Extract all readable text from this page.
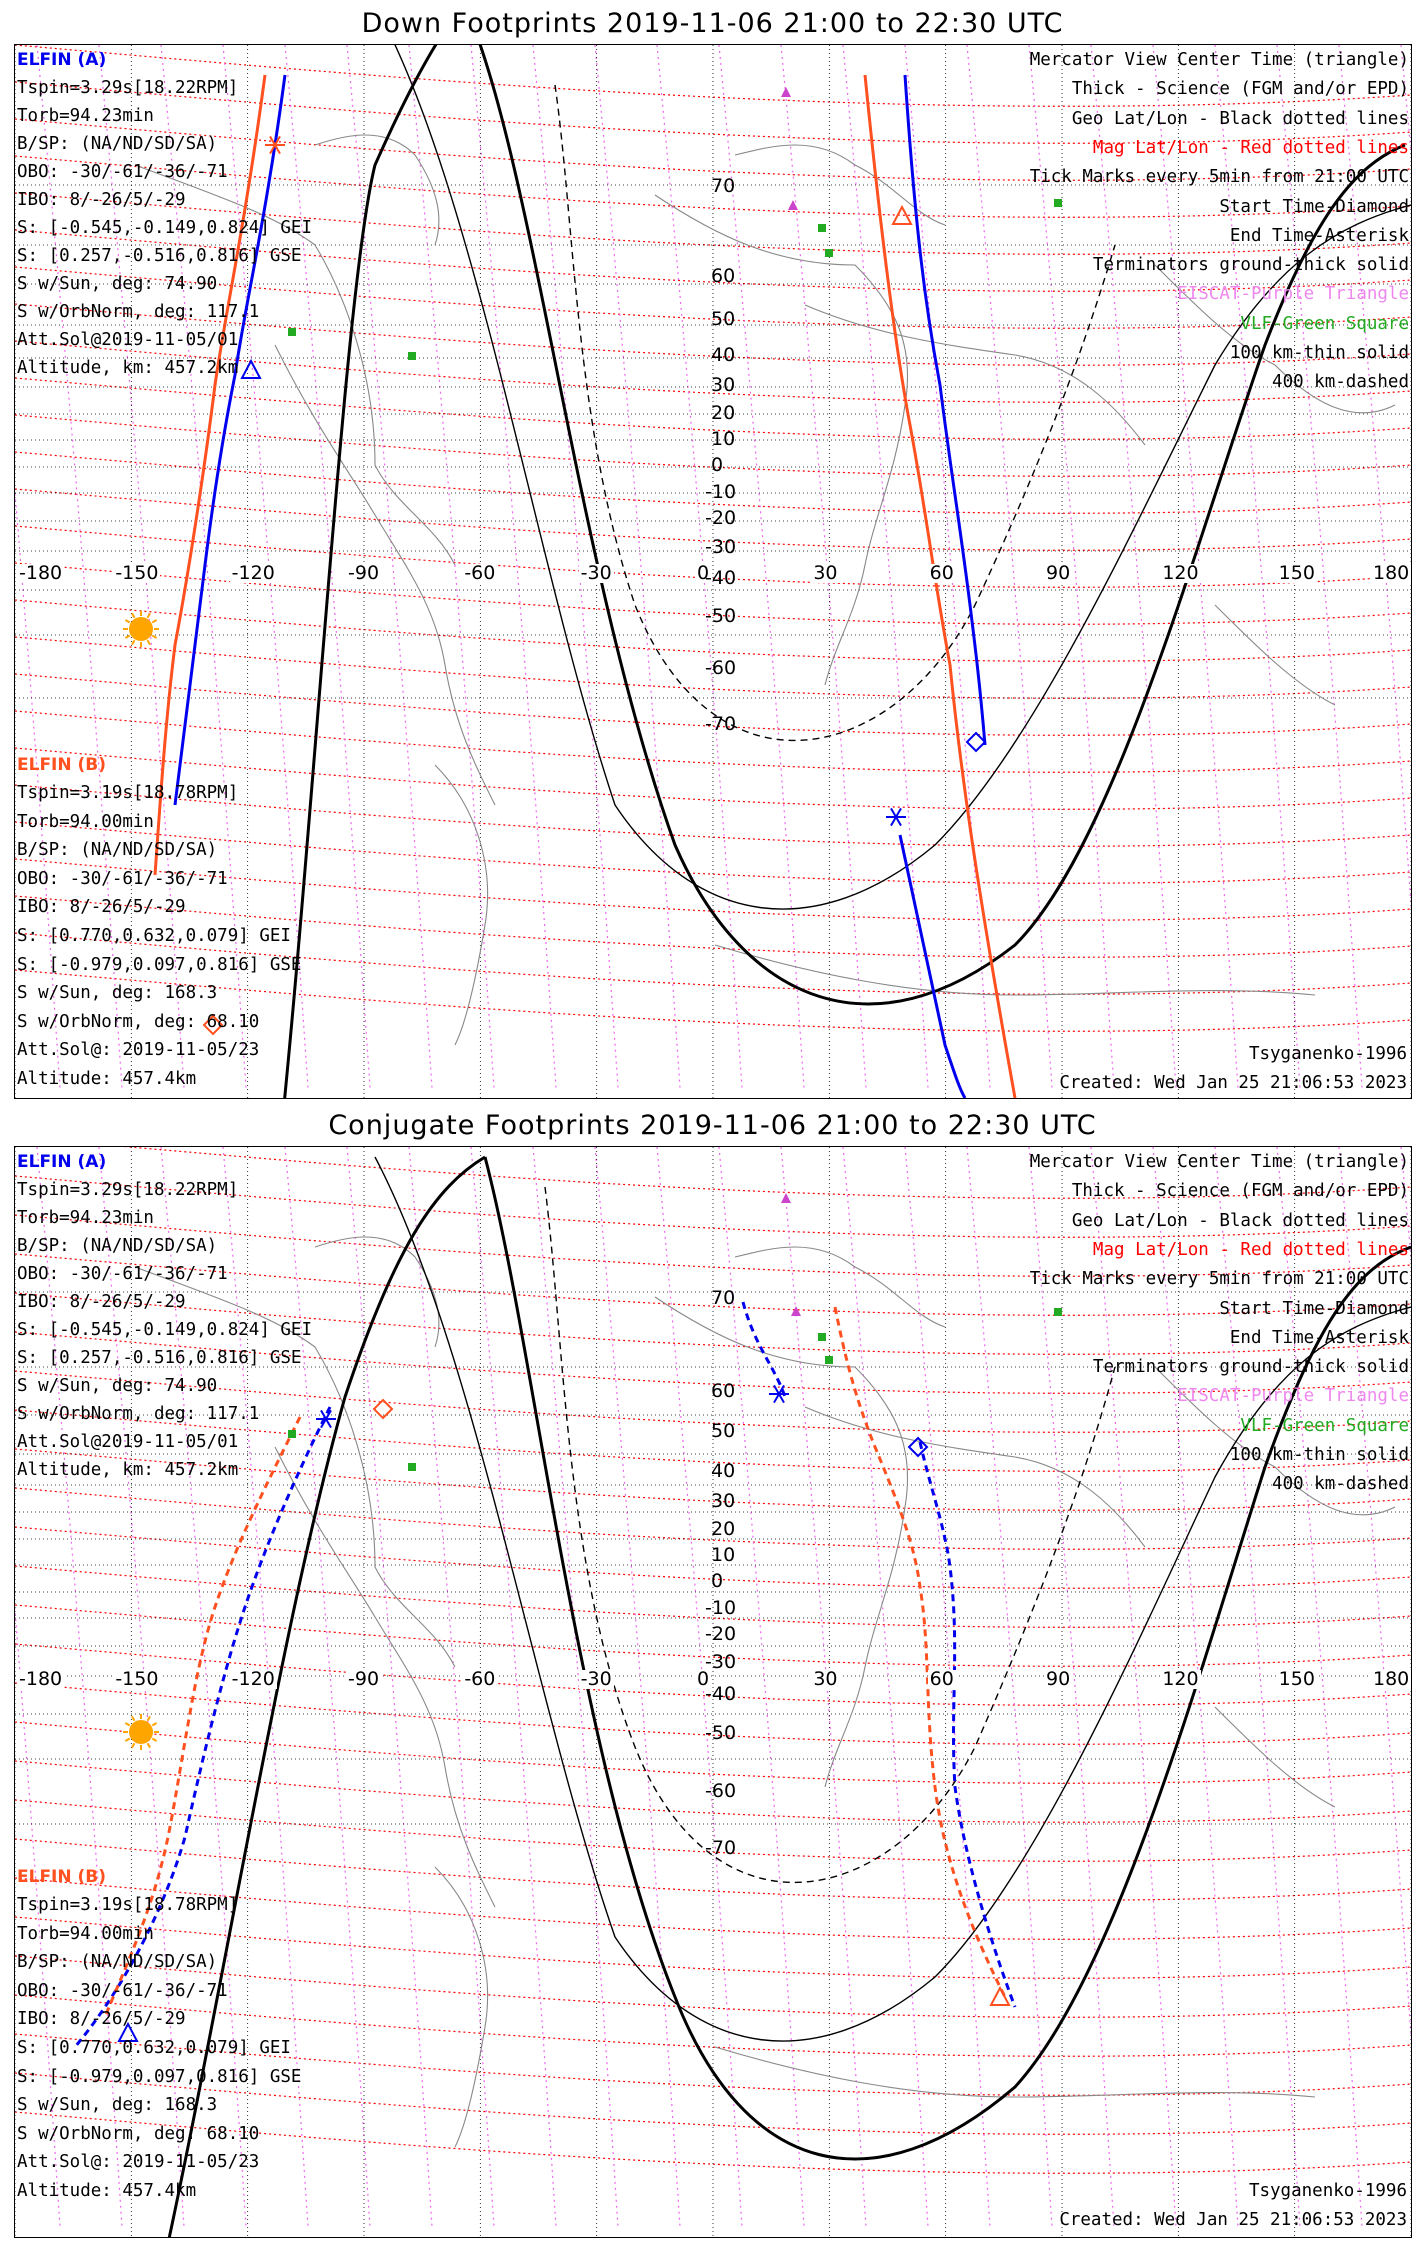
Down Footprints 2019-11-06 21:00 to 22:30 UTC
ELFIN (A)
Tspin=3.29s[18.22RPM]
Torb=94.23min
B/SP: (NA/ND/SD/SA)
OBO: -30/-61/-36/-71
IBO: 8/-26/5/-29
S: [-0.545,-0.149,0.824] GEI
S: [0.257,-0.516,0.816] GSE
S w/Sun, deg: 74.90
S w/OrbNorm, deg: 117.1
Att.Sol@2019-11-05/01
Altitude, km: 457.2km
ELFIN (B)
Tspin=3.19s[18.78RPM]
Torb=94.00min
B/SP: (NA/ND/SD/SA)
OBO: -30/-61/-36/-71
IBO: 8/-26/5/-29
S: [0.770,0.632,0.079] GEI
S: [-0.979,0.097,0.816] GSE
S w/Sun, deg: 168.3
S w/OrbNorm, deg: 68.10
Att.Sol@: 2019-11-05/23
Altitude: 457.4km
Mercator View Center Time (triangle)
Thick - Science (FGM and/or EPD)
Geo Lat/Lon - Black dotted lines
Mag Lat/Lon - Red dotted lines
Tick Marks every 5min from 21:00 UTC
Start Time-Diamond
End Time-Asterisk
Terminators ground-thick solid
EISCAT-Purple Triangle
VLF-Green Square
100 km-thin solid
400 km-dashed
Tsyganenko-1996
Created: Wed Jan 25 21:06:53 2023
-180	-150	-120	-90	-60	-30	0	30	60	90	120	150	180
70
60
50
40
30
20
10
0
-10
-20
-30
-40
-50
-60
-70
Conjugate Footprints 2019-11-06 21:00 to 22:30 UTC
ELFIN (A)
Tspin=3.29s[18.22RPM]
Torb=94.23min
B/SP: (NA/ND/SD/SA)
OBO: -30/-61/-36/-71
IBO: 8/-26/5/-29
S: [-0.545,-0.149,0.824] GEI
S: [0.257,-0.516,0.816] GSE
S w/Sun, deg: 74.90
S w/OrbNorm, deg: 117.1
Att.Sol@2019-11-05/01
Altitude, km: 457.2km
ELFIN (B)
Tspin=3.19s[18.78RPM]
Torb=94.00min
B/SP: (NA/ND/SD/SA)
OBO: -30/-61/-36/-71
IBO: 8/-26/5/-29
S: [0.770,0.632,0.079] GEI
S: [-0.979,0.097,0.816] GSE
S w/Sun, deg: 168.3
S w/OrbNorm, deg: 68.10
Att.Sol@: 2019-11-05/23
Altitude: 457.4km
Mercator View Center Time (triangle)
Thick - Science (FGM and/or EPD)
Geo Lat/Lon - Black dotted lines
Mag Lat/Lon - Red dotted lines
Tick Marks every 5min from 21:00 UTC
Start Time-Diamond
End Time-Asterisk
Terminators ground-thick solid
EISCAT-Purple Triangle
VLF-Green Square
100 km-thin solid
400 km-dashed
Tsyganenko-1996
Created: Wed Jan 25 21:06:53 2023
-180	-150	-120	-90	-60	-30	0	30	60	90	120	150	180
70
60
50
40
30
20
10
0
-10
-20
-30
-40
-50
-60
-70
